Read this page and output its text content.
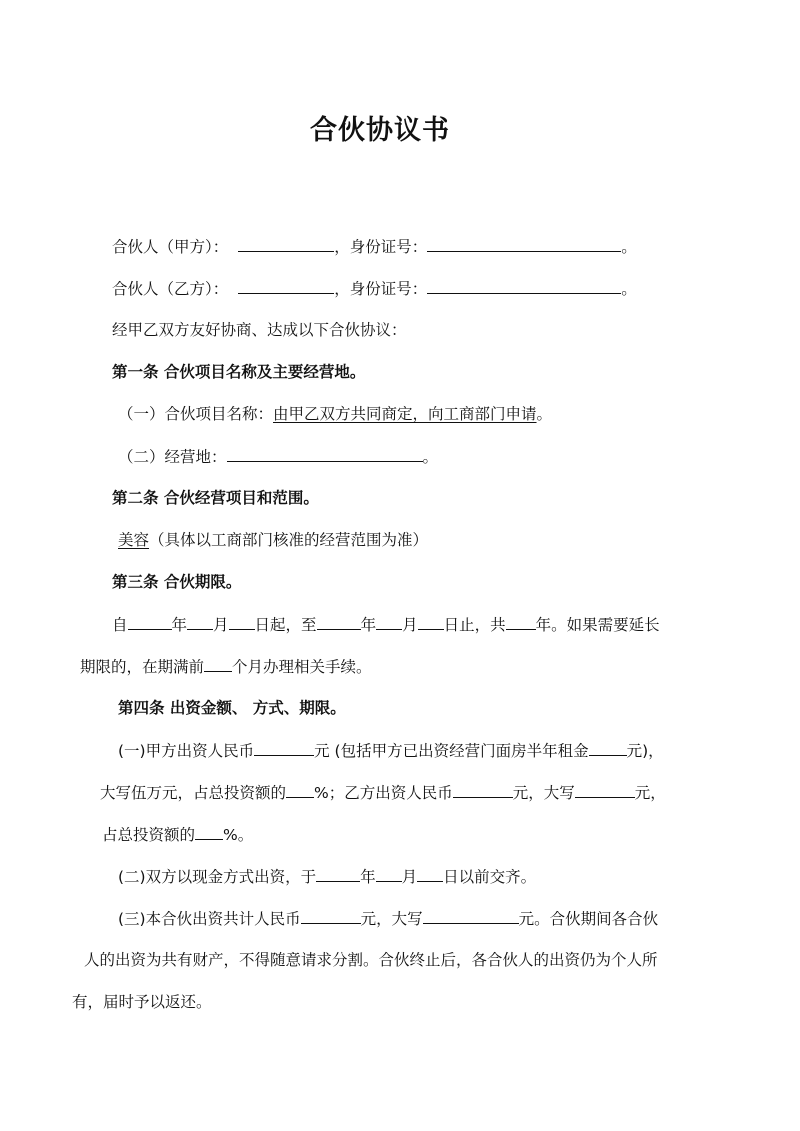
合伙协议书
合伙人（甲方）：	，身份证号：	。
合伙人（乙方）：	，身份证号：	。
经甲乙双方友好协商、达成以下合伙协议：
第一条 合伙项目名称及主要经营地。
（一）合伙项目名称：由甲乙双方共同商定，向工商部门申请。
（二）经营地：	。
第二条 合伙经营项目和范围。
美容（具体以工商部门核准的经营范围为准）
第三条 合伙期限。
自	年 月 日起，至	年 月 日止，共 年。如果需要延长
期限的，在期满前 个月办理相关手续。
第四条 出资金额、 方式、期限。
(一)甲方出资人民币	元 (包括甲方已出资经营门面房半年租金 元)，
大写伍万元，占总投资额的 %；乙方出资人民币	元，大写	元，
占总投资额的 %。
(二)双方以现金方式出资，于	年 月 日以前交齐。
(三)本合伙出资共计人民币	元，大写	元。合伙期间各合伙
人的出资为共有财产，不得随意请求分割。合伙终止后，各合伙人的出资仍为个人所
有，届时予以返还。
